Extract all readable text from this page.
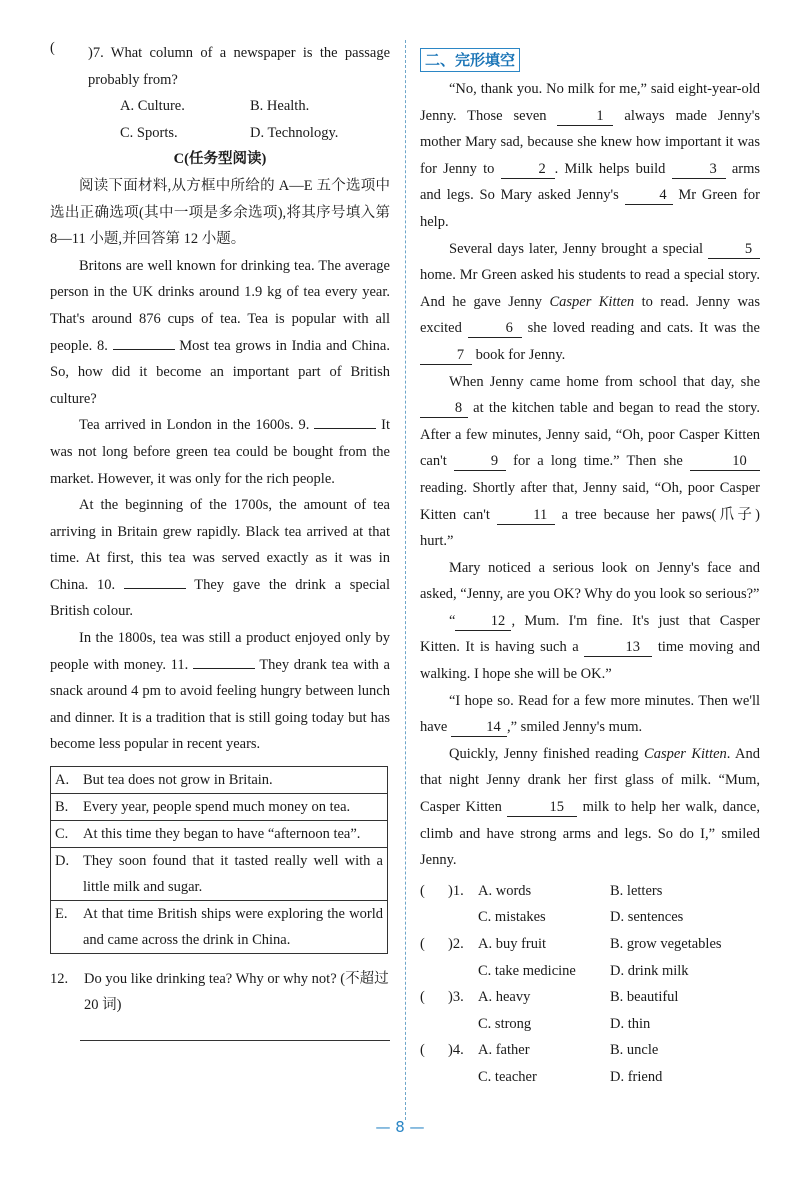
(	)7. What column of a newspaper is the passage probably from?

A. Culture.	B. Health.
C. Sports.	D. Technology.
C(任务型阅读)

阅读下面材料,从方框中所给的 A—E 五个选项中选出正确选项(其中一项是多余选项),将其序号填入第 8—11 小题,并回答第 12 小题。

Britons are well known for drinking tea. The average person in the UK drinks around 1.9 kg of tea every year. That's around 876 cups of tea. Tea is popular with all people. 8.	Most tea grows in India and China. So, how did it become an important part of British culture?

Tea arrived in London in the 1600s. 9.	It was not long before green tea could be bought from the market. However, it was only for the rich people.

At the beginning of the 1700s, the amount of tea arriving in Britain grew rapidly. Black tea arrived at that time. At first, this tea was served exactly as it was in China. 10.	They gave the drink a special British colour.

In the 1800s, tea was still a product enjoyed only by people with money. 11.	They drank tea with a snack around 4 pm to avoid feeling hungry between lunch and dinner. It is a tradition that is still going today but has become less popular in recent years.

A. But tea does not grow in Britain.
B.	Every year, people spend much money on tea.
C.	At this time they began to have “afternoon tea”.
D. They soon found that it tasted really well with a little milk and sugar.
E.	At that time British ships were exploring the world and came across the drink in China.
12.	Do you like drinking tea? Why or why not? (不超过 20 词)
二、完形填空

“No, thank you. No milk for me,” said eight-year-old Jenny. Those seven	1 always made Jenny's mother Mary sad, because she knew how important it was for Jenny to	2 . Milk helps build	3 arms and legs. So Mary asked Jenny's 4 Mr Green for help.

Several days later, Jenny brought a special	5 home. Mr Green asked his students to read a special story. And he gave Jenny Casper Kitten to read. Jenny was excited	6 she loved reading and cats. It was the 7 book for Jenny.

When Jenny came home from school that day, she 8 at the kitchen table and began to read the story. After a few minutes, Jenny said, “Oh, poor Casper Kitten can't	9 for a long time.” Then she	10 reading. Shortly after that, Jenny said, “Oh, poor Casper Kitten can't	11 a tree because her paws(爪子) hurt.”

Mary noticed a serious look on Jenny's face and asked, “Jenny, are you OK? Why do you look so serious?”

“ 12 , Mum. I'm fine. It's just that Casper Kitten. It is having such a	13 time moving and walking. I hope she will be OK.”

“I hope so. Read for a few more minutes. Then we'll have 14 ,” smiled Jenny's mum.

Quickly, Jenny finished reading Casper Kitten. And that night Jenny drank her first glass of milk. “Mum, Casper Kitten	15 milk to help her walk, dance, climb and have strong arms and legs. So do I,” smiled Jenny.

(	)1. A. words	B. letters
C. mistakes	D. sentences
(	)2. A. buy fruit	B. grow vegetables
C. take medicine	D. drink milk
(	)3. A. heavy	B. beautiful
C. strong	D. thin
(	)4. A. father	B. uncle
C. teacher	D. friend
— 8 —
